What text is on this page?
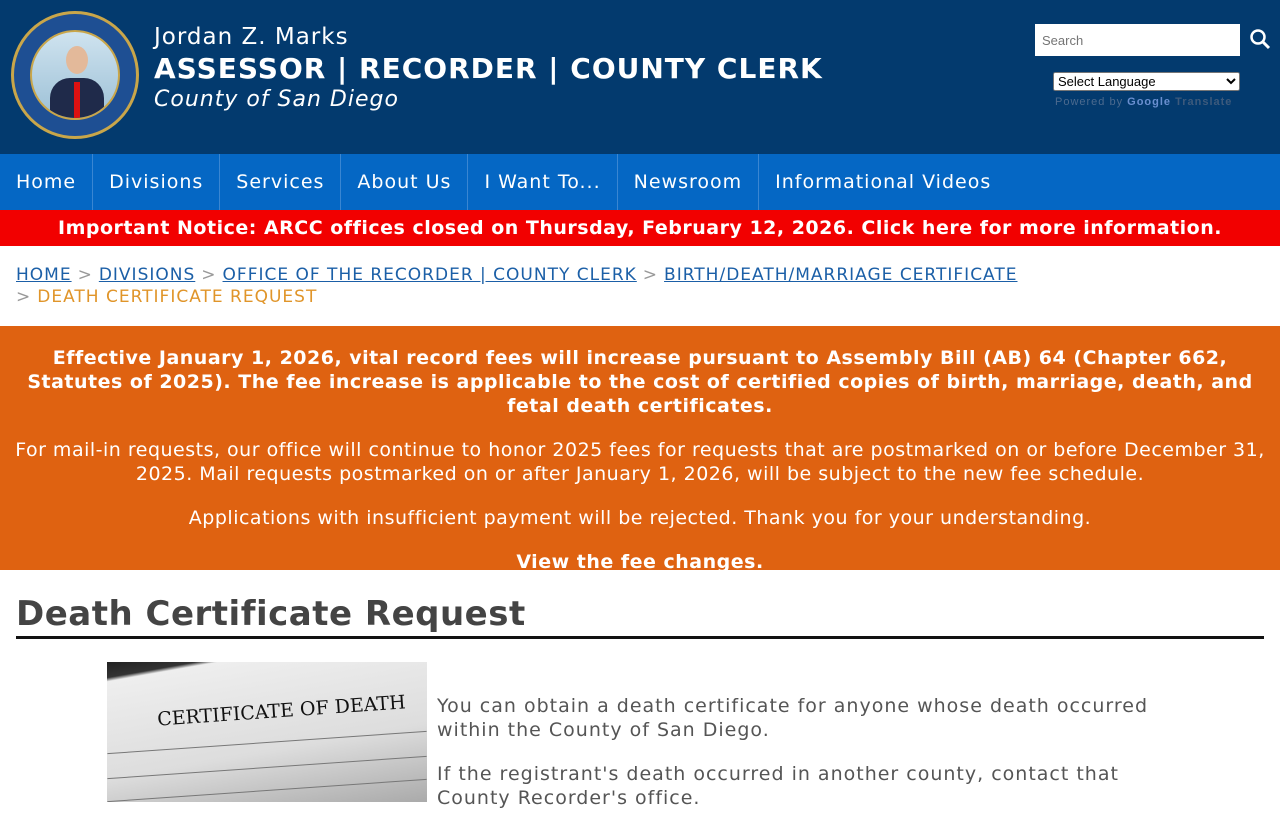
Jordan Z. Marks
ASSESSOR | RECORDER | COUNTY CLERK
County of San Diego
Search
Select Language	Powered by Google Translate
Home	Divisions	Services	About Us	I Want To...	Newsroom	Informational Videos
Important Notice: ARCC offices closed on Thursday, February 12, 2026. Click here for more information.
HOME > DIVISIONS > OFFICE OF THE RECORDER | COUNTY CLERK > BIRTH/DEATH/MARRIAGE CERTIFICATE
> DEATH CERTIFICATE REQUEST

Effective January 1, 2026, vital record fees will increase pursuant to Assembly Bill (AB) 64 (Chapter 662, Statutes of 2025). The fee increase is applicable to the cost of certified copies of birth, marriage, death, and fetal death certificates.

For mail-in requests, our office will continue to honor 2025 fees for requests that are postmarked on or before December 31, 2025. Mail requests postmarked on or after January 1, 2026, will be subject to the new fee schedule.

Applications with insufficient payment will be rejected. Thank you for your understanding.

View the fee changes.

Death Certificate Request
CERTIFICATE OF DEATH You can obtain a death certificate for anyone whose death occurred within the County of San Diego.

If the registrant's death occurred in another county, contact that County Recorder's office.
